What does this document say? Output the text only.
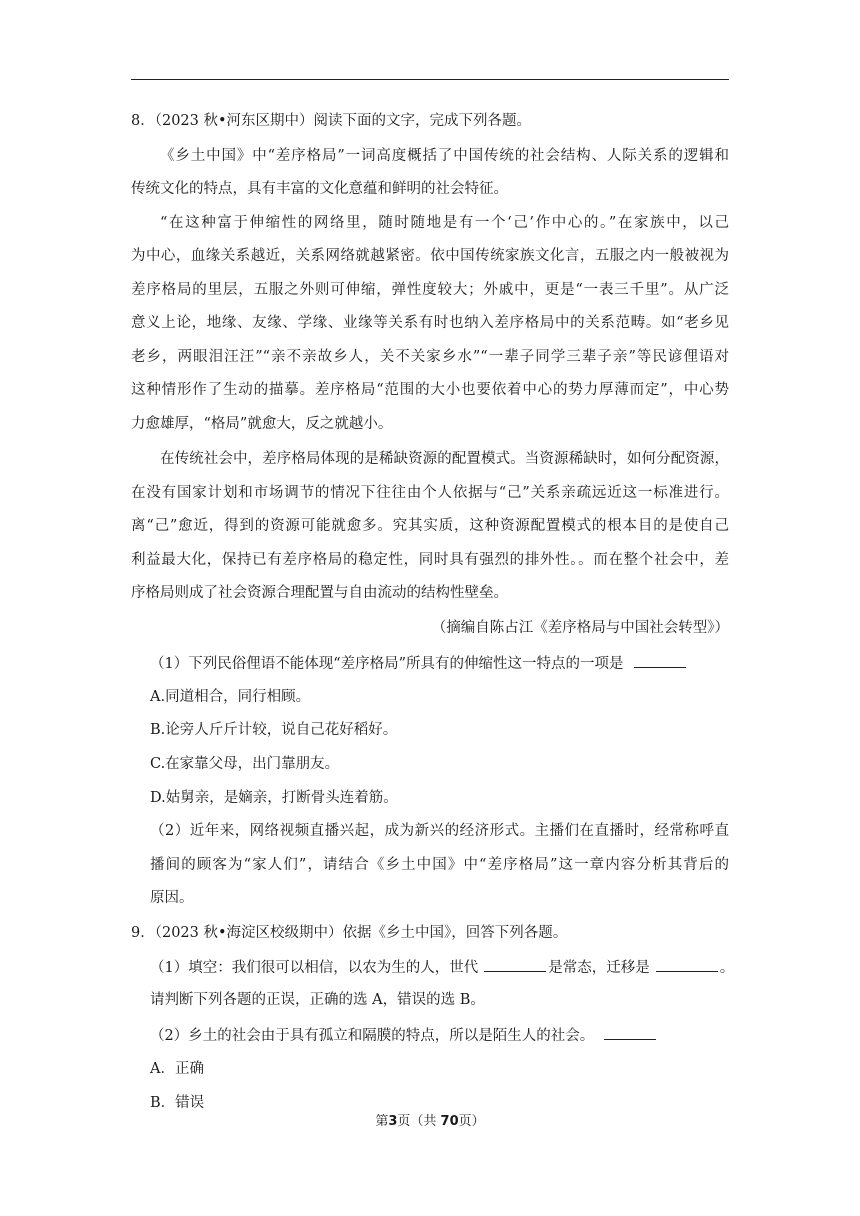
8．（2023 秋•河东区期中）阅读下面的文字，完成下列各题。
《乡土中国》中“差序格局”一词高度概括了中国传统的社会结构、人际关系的逻辑和
传统文化的特点，具有丰富的文化意蕴和鲜明的社会特征。
“在这种富于伸缩性的网络里，随时随地是有一个‘己’作中心的。”在家族中，以己
为中心，血缘关系越近，关系网络就越紧密。依中国传统家族文化言，五服之内一般被视为
差序格局的里层，五服之外则可伸缩，弹性度较大；外戚中，更是“一表三千里”。从广泛
意义上论，地缘、友缘、学缘、业缘等关系有时也纳入差序格局中的关系范畴。如“老乡见
老乡，两眼泪汪汪”“亲不亲故乡人，关不关家乡水”“一辈子同学三辈子亲”等民谚俚语对
这种情形作了生动的描摹。差序格局“范围的大小也要依着中心的势力厚薄而定”，中心势
力愈雄厚，“格局”就愈大，反之就越小。
在传统社会中，差序格局体现的是稀缺资源的配置模式。当资源稀缺时，如何分配资源，
在没有国家计划和市场调节的情况下往往由个人依据与“己”关系亲疏远近这一标准进行。
离“己”愈近，得到的资源可能就愈多。究其实质，这种资源配置模式的根本目的是使自己
利益最大化，保持已有差序格局的稳定性，同时具有强烈的排外性。。而在整个社会中，差
序格局则成了社会资源合理配置与自由流动的结构性壁垒。
（摘编自陈占江《差序格局与中国社会转型》）
（1）下列民俗俚语不能体现“差序格局”所具有的伸缩性这一特点的一项是
A.同道相合，同行相顾。
B.论旁人斤斤计较，说自己花好稻好。
C.在家靠父母，出门靠朋友。
D.姑舅亲，是嫡亲，打断骨头连着筋。
（2）近年来，网络视频直播兴起，成为新兴的经济形式。主播们在直播时，经常称呼直
播间的顾客为“家人们”，请结合《乡土中国》中“差序格局”这一章内容分析其背后的
原因。
9．（2023 秋•海淀区校级期中）依据《乡土中国》，回答下列各题。
（1）填空：我们很可以相信，以农为生的人，世代	是常态，迁移是	。
请判断下列各题的正误，正确的选 A，错误的选 B。
（2）乡土的社会由于具有孤立和隔膜的特点，所以是陌生人的社会。
A．正确
B．错误
第3页（共 70页）
